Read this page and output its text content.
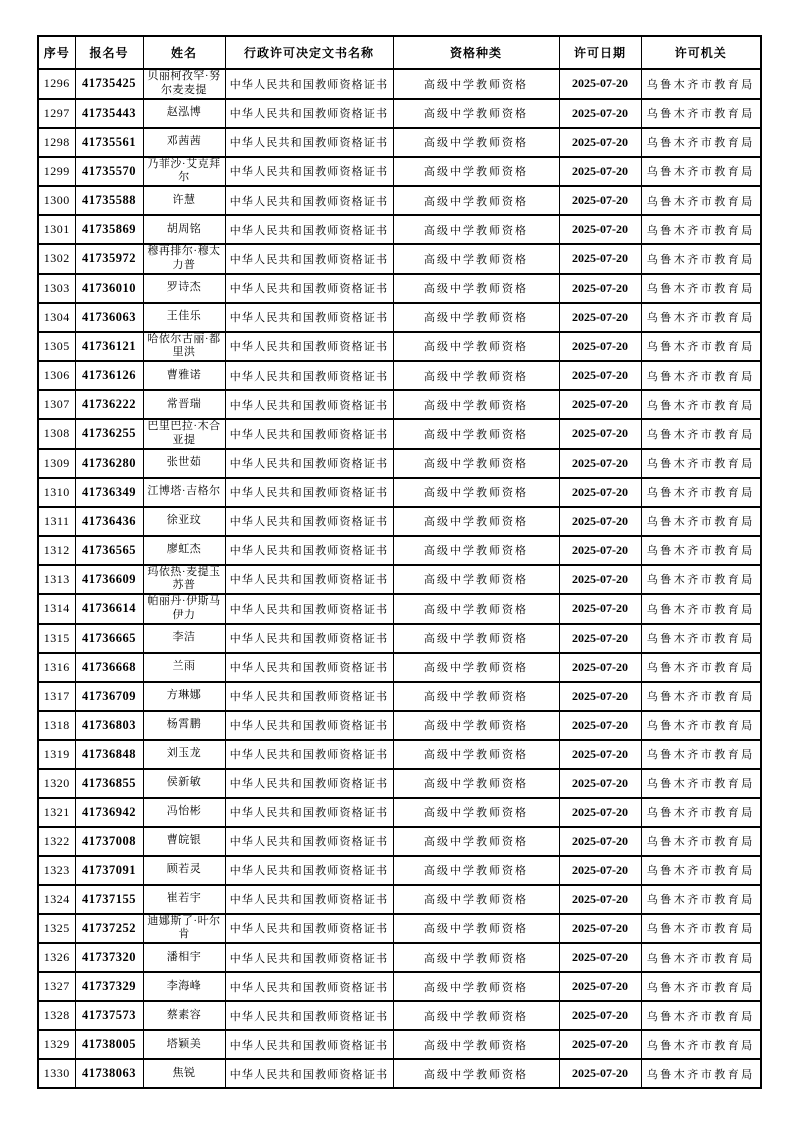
序号	报名号	姓名	行政许可决定文书名称	资格种类	许可日期	许可机关
1296	41735425	贝丽柯孜罕·努尔麦麦提	中华人民共和国教师资格证书	高级中学教师资格	2025-07-20	乌鲁木齐市教育局
1297	41735443	赵泓博	中华人民共和国教师资格证书	高级中学教师资格	2025-07-20	乌鲁木齐市教育局
1298	41735561	邓茜茜	中华人民共和国教师资格证书	高级中学教师资格	2025-07-20	乌鲁木齐市教育局
1299	41735570	乃菲沙·艾克拜尔	中华人民共和国教师资格证书	高级中学教师资格	2025-07-20	乌鲁木齐市教育局
1300	41735588	许慧	中华人民共和国教师资格证书	高级中学教师资格	2025-07-20	乌鲁木齐市教育局
1301	41735869	胡周铭	中华人民共和国教师资格证书	高级中学教师资格	2025-07-20	乌鲁木齐市教育局
1302	41735972	穆再排尔·穆太力普	中华人民共和国教师资格证书	高级中学教师资格	2025-07-20	乌鲁木齐市教育局
1303	41736010	罗诗杰	中华人民共和国教师资格证书	高级中学教师资格	2025-07-20	乌鲁木齐市教育局
1304	41736063	王佳乐	中华人民共和国教师资格证书	高级中学教师资格	2025-07-20	乌鲁木齐市教育局
1305	41736121	哈依尔古丽·都里洪	中华人民共和国教师资格证书	高级中学教师资格	2025-07-20	乌鲁木齐市教育局
1306	41736126	曹雅诺	中华人民共和国教师资格证书	高级中学教师资格	2025-07-20	乌鲁木齐市教育局
1307	41736222	常晋瑞	中华人民共和国教师资格证书	高级中学教师资格	2025-07-20	乌鲁木齐市教育局
1308	41736255	巴里巴拉·木合亚提	中华人民共和国教师资格证书	高级中学教师资格	2025-07-20	乌鲁木齐市教育局
1309	41736280	张世茹	中华人民共和国教师资格证书	高级中学教师资格	2025-07-20	乌鲁木齐市教育局
1310	41736349	江博塔·吉格尔	中华人民共和国教师资格证书	高级中学教师资格	2025-07-20	乌鲁木齐市教育局
1311	41736436	徐亚玟	中华人民共和国教师资格证书	高级中学教师资格	2025-07-20	乌鲁木齐市教育局
1312	41736565	廖虹杰	中华人民共和国教师资格证书	高级中学教师资格	2025-07-20	乌鲁木齐市教育局
1313	41736609	玛依热·麦提玉苏普	中华人民共和国教师资格证书	高级中学教师资格	2025-07-20	乌鲁木齐市教育局
1314	41736614	帕丽丹·伊斯马伊力	中华人民共和国教师资格证书	高级中学教师资格	2025-07-20	乌鲁木齐市教育局
1315	41736665	李洁	中华人民共和国教师资格证书	高级中学教师资格	2025-07-20	乌鲁木齐市教育局
1316	41736668	兰雨	中华人民共和国教师资格证书	高级中学教师资格	2025-07-20	乌鲁木齐市教育局
1317	41736709	方琳娜	中华人民共和国教师资格证书	高级中学教师资格	2025-07-20	乌鲁木齐市教育局
1318	41736803	杨霄鹏	中华人民共和国教师资格证书	高级中学教师资格	2025-07-20	乌鲁木齐市教育局
1319	41736848	刘玉龙	中华人民共和国教师资格证书	高级中学教师资格	2025-07-20	乌鲁木齐市教育局
1320	41736855	侯新敏	中华人民共和国教师资格证书	高级中学教师资格	2025-07-20	乌鲁木齐市教育局
1321	41736942	冯怡彬	中华人民共和国教师资格证书	高级中学教师资格	2025-07-20	乌鲁木齐市教育局
1322	41737008	曹皖银	中华人民共和国教师资格证书	高级中学教师资格	2025-07-20	乌鲁木齐市教育局
1323	41737091	顾若灵	中华人民共和国教师资格证书	高级中学教师资格	2025-07-20	乌鲁木齐市教育局
1324	41737155	崔若宇	中华人民共和国教师资格证书	高级中学教师资格	2025-07-20	乌鲁木齐市教育局
1325	41737252	迪娜斯了·叶尔肯	中华人民共和国教师资格证书	高级中学教师资格	2025-07-20	乌鲁木齐市教育局
1326	41737320	潘相宇	中华人民共和国教师资格证书	高级中学教师资格	2025-07-20	乌鲁木齐市教育局
1327	41737329	李海峰	中华人民共和国教师资格证书	高级中学教师资格	2025-07-20	乌鲁木齐市教育局
1328	41737573	蔡素容	中华人民共和国教师资格证书	高级中学教师资格	2025-07-20	乌鲁木齐市教育局
1329	41738005	塔颖美	中华人民共和国教师资格证书	高级中学教师资格	2025-07-20	乌鲁木齐市教育局
1330	41738063	焦锐	中华人民共和国教师资格证书	高级中学教师资格	2025-07-20	乌鲁木齐市教育局
